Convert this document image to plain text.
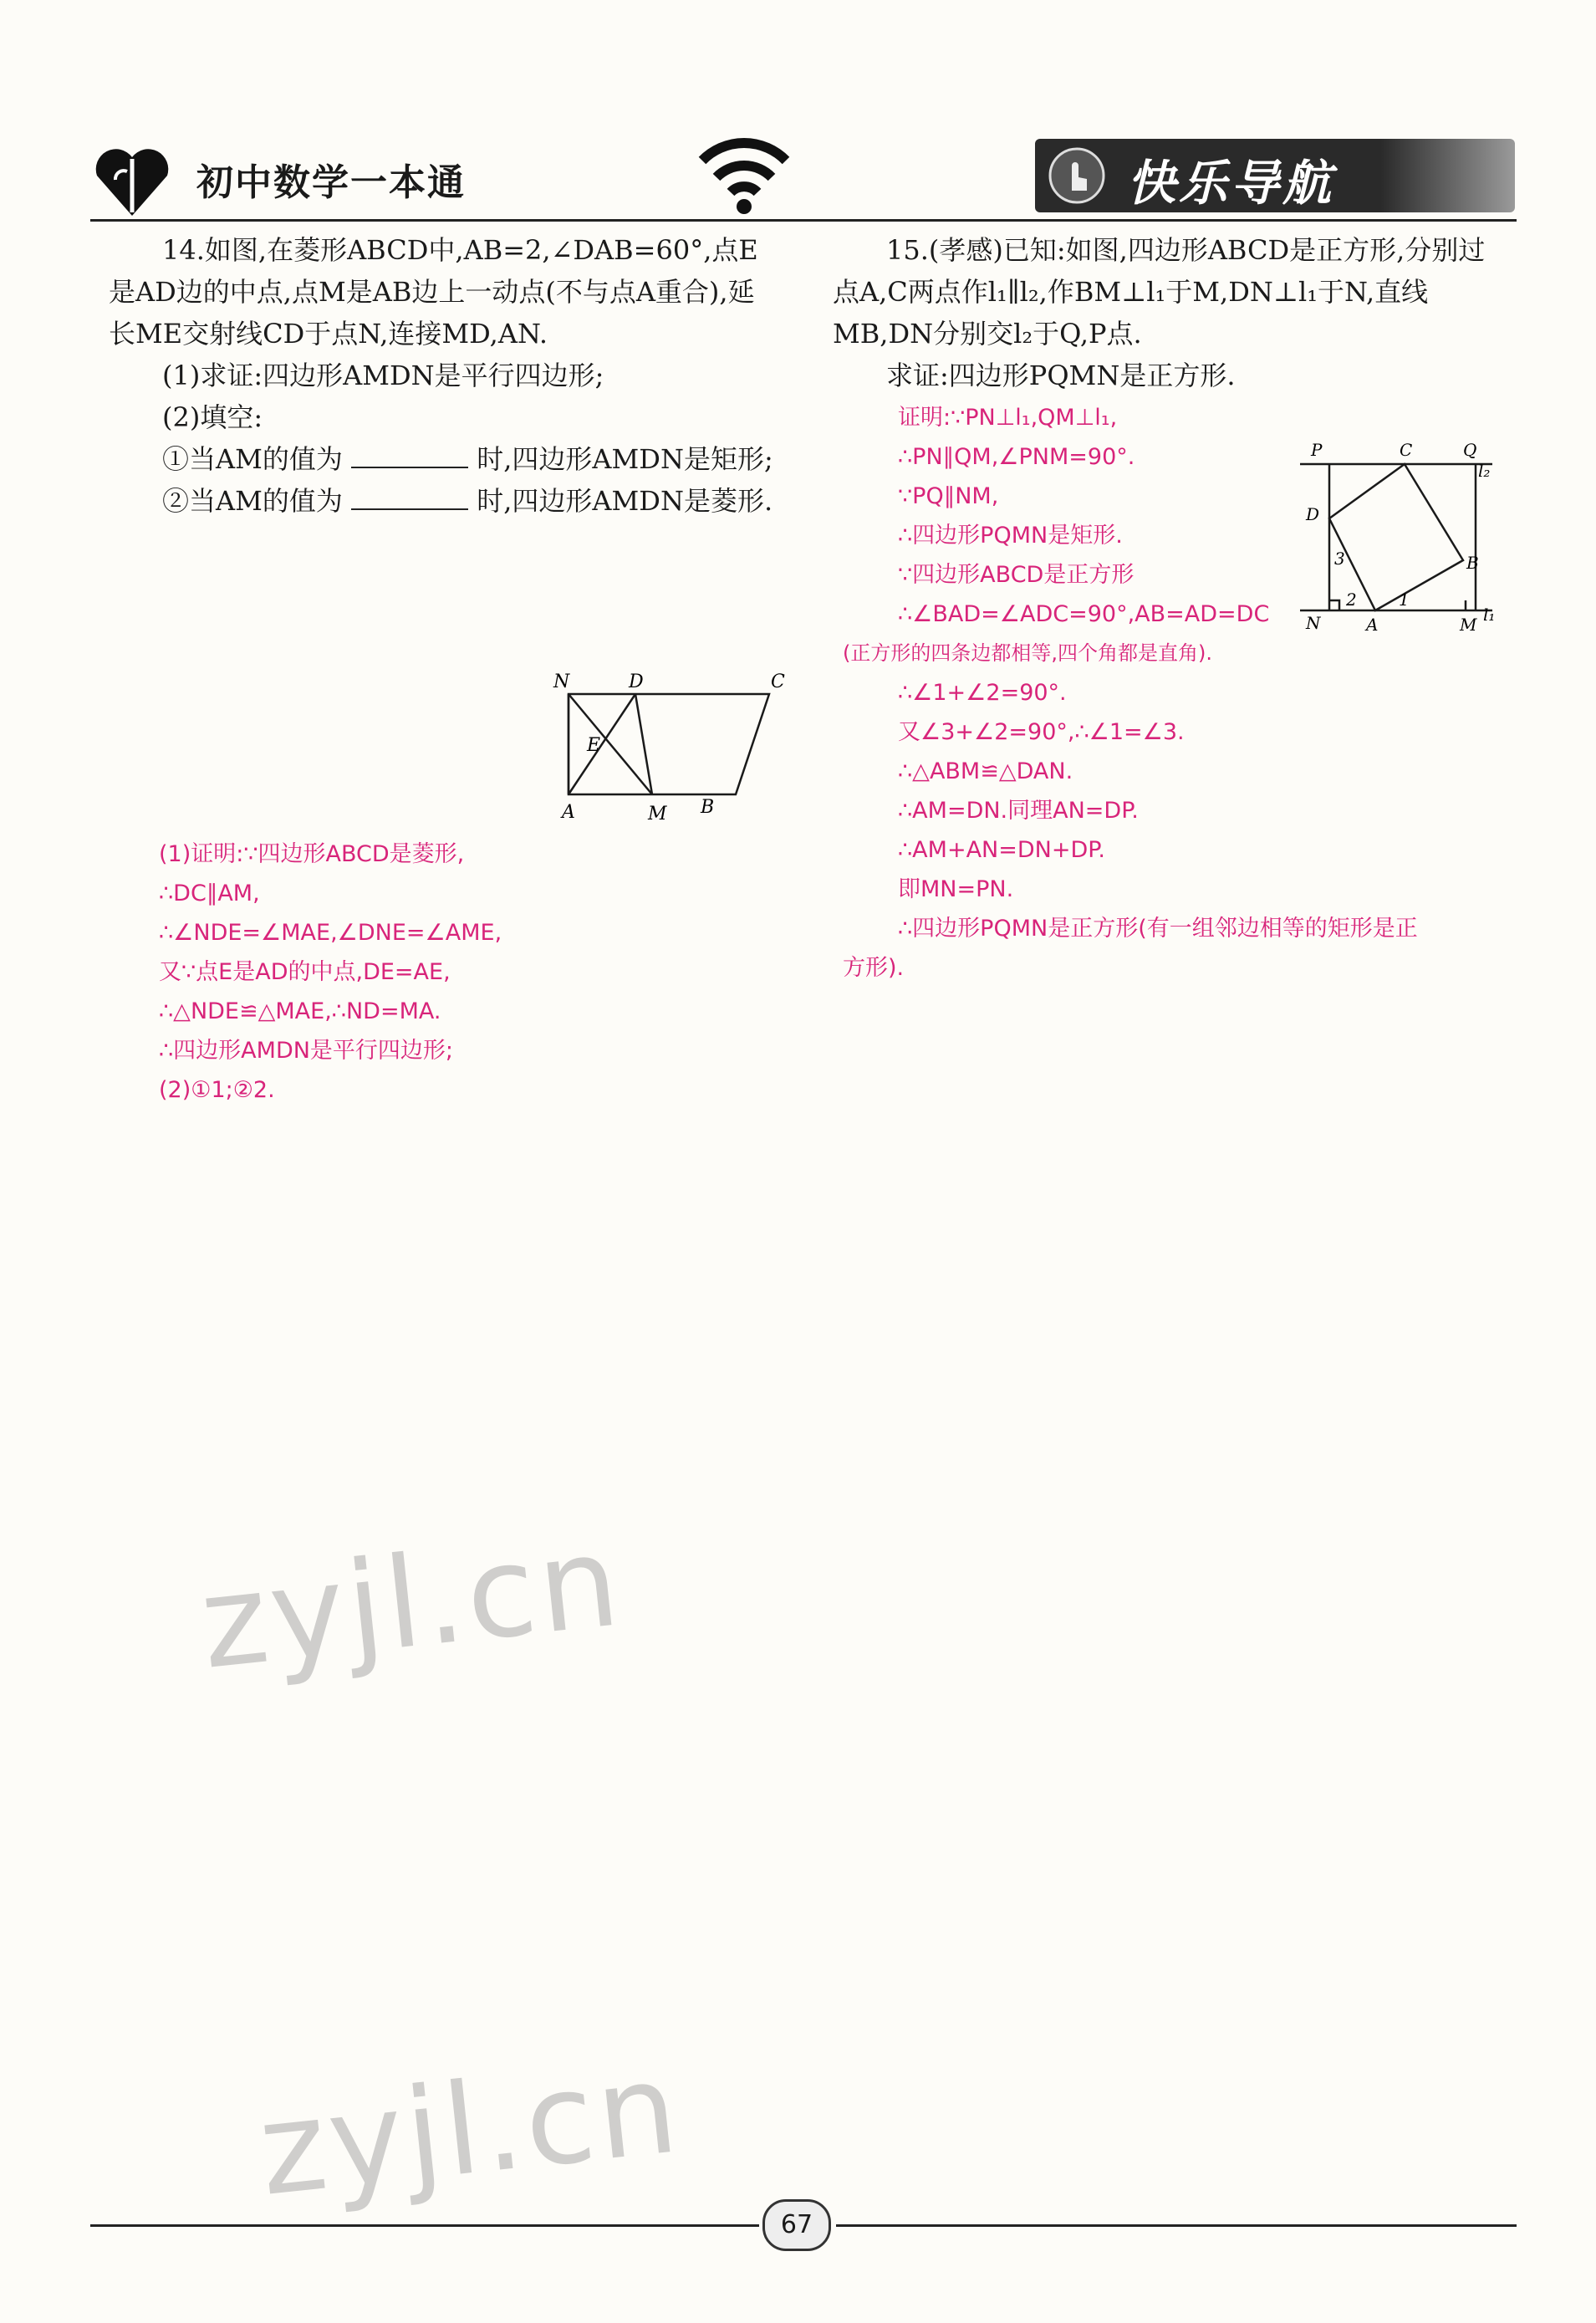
初中数学一本通	快乐导航

14.如图,在菱形ABCD中,AB=2,∠DAB=60°,点E是AD边的中点,点M是AB边上一动点(不与点A重合),延长ME交射线CD于点N,连接MD,AN.

(1)求证:四边形AMDN是平行四边形;

(2)填空:

①当AM的值为	时,四边形AMDN是矩形;

②当AM的值为	时,四边形AMDN是菱形.

N	D	C
E
A	M B

(1)证明:∵四边形ABCD是菱形,

∴DC∥AM,

∴∠NDE=∠MAE,∠DNE=∠AME,

又∵点E是AD的中点,DE=AE,

∴△NDE≌△MAE,∴ND=MA.

∴四边形AMDN是平行四边形;

(2)①1;②2.

15.(孝感)已知:如图,四边形ABCD是正方形,分别过点A,C两点作l₁∥l₂,作BM⊥l₁于M,DN⊥l₁于N,直线MB,DN分别交l₂于Q,P点.

求证:四边形PQMN是正方形.

P	C	Q
l₂
D
B
3
2	1
N	A	M l₁

证明:∵PN⊥l₁,QM⊥l₁,

∴PN∥QM,∠PNM=90°.

∵PQ∥NM,

∴四边形PQMN是矩形.

∵四边形ABCD是正方形

∴∠BAD=∠ADC=90°,AB=AD=DC

(正方形的四条边都相等,四个角都是直角).

∴∠1+∠2=90°.

又∠3+∠2=90°,∴∠1=∠3.

∴△ABM≌△DAN.

∴AM=DN.同理AN=DP.

∴AM+AN=DN+DP.

即MN=PN.

∴四边形PQMN是正方形(有一组邻边相等的矩形是正

方形).

zyjl.cn
zyjl.cn
67
